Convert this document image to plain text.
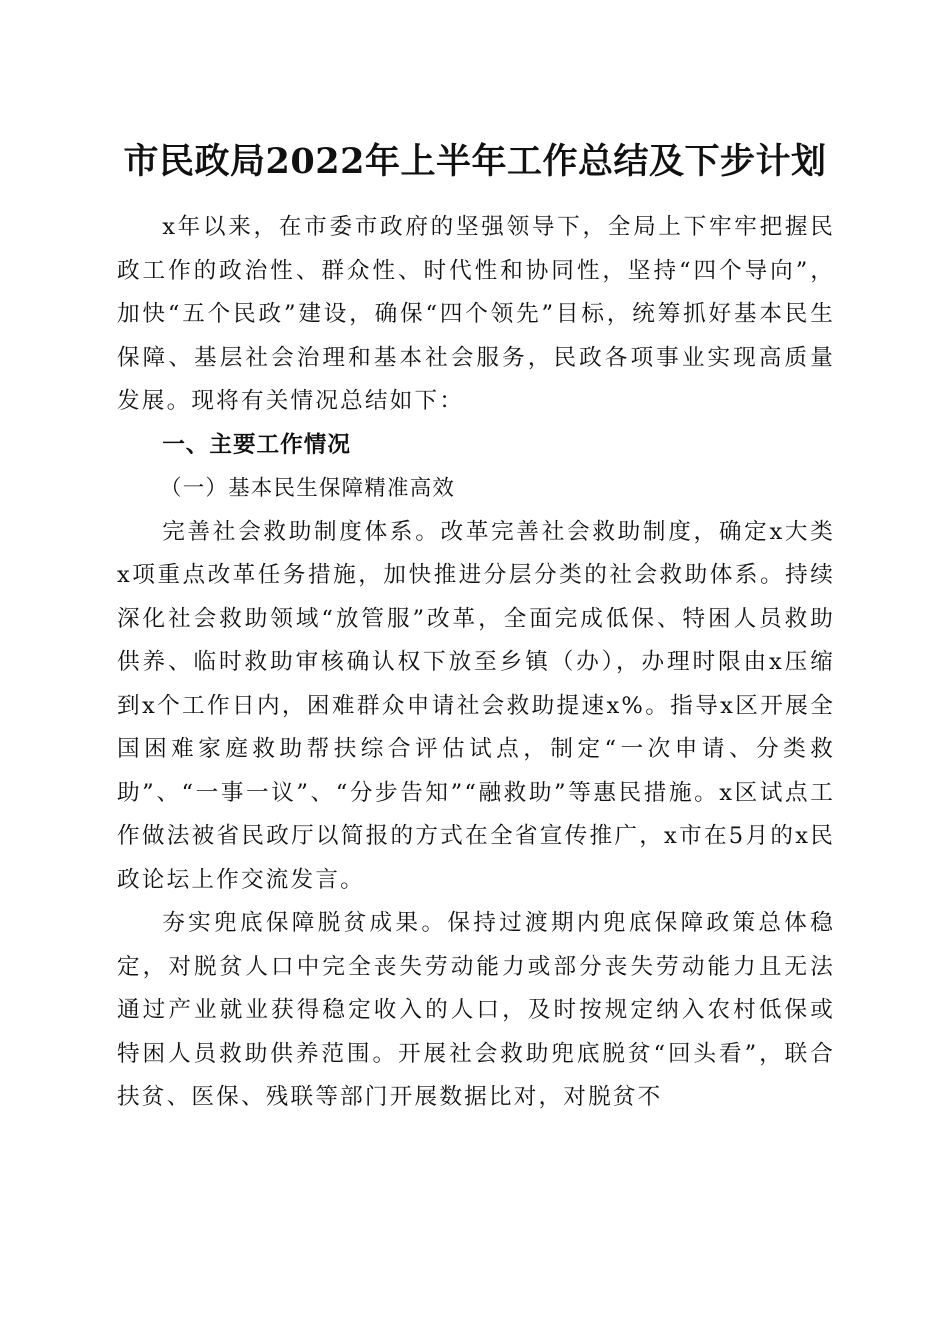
市民政局2022年上半年工作总结及下步计划

x年以来，在市委市政府的坚强领导下，全局上下牢牢把握民政工作的政治性、群众性、时代性和协同性，坚持“四个导向”，加快“五个民政”建设，确保“四个领先”目标，统筹抓好基本民生保障、基层社会治理和基本社会服务，民政各项事业实现高质量发展。现将有关情况总结如下：

一、主要工作情况

（一）基本民生保障精准高效

完善社会救助制度体系。改革完善社会救助制度，确定x大类x项重点改革任务措施，加快推进分层分类的社会救助体系。持续深化社会救助领域“放管服”改革，全面完成低保、特困人员救助供养、临时救助审核确认权下放至乡镇（办），办理时限由x压缩到x个工作日内，困难群众申请社会救助提速x%。指导x区开展全国困难家庭救助帮扶综合评估试点，制定“一次申请、分类救助”、“一事一议”、“分步告知”“融救助”等惠民措施。x区试点工作做法被省民政厅以简报的方式在全省宣传推广，x市在5月的x民政论坛上作交流发言。

夯实兜底保障脱贫成果。保持过渡期内兜底保障政策总体稳定，对脱贫人口中完全丧失劳动能力或部分丧失劳动能力且无法通过产业就业获得稳定收入的人口，及时按规定纳入农村低保或特困人员救助供养范围。开展社会救助兜底脱贫“回头看”，联合扶贫、医保、残联等部门开展数据比对，对脱贫不
